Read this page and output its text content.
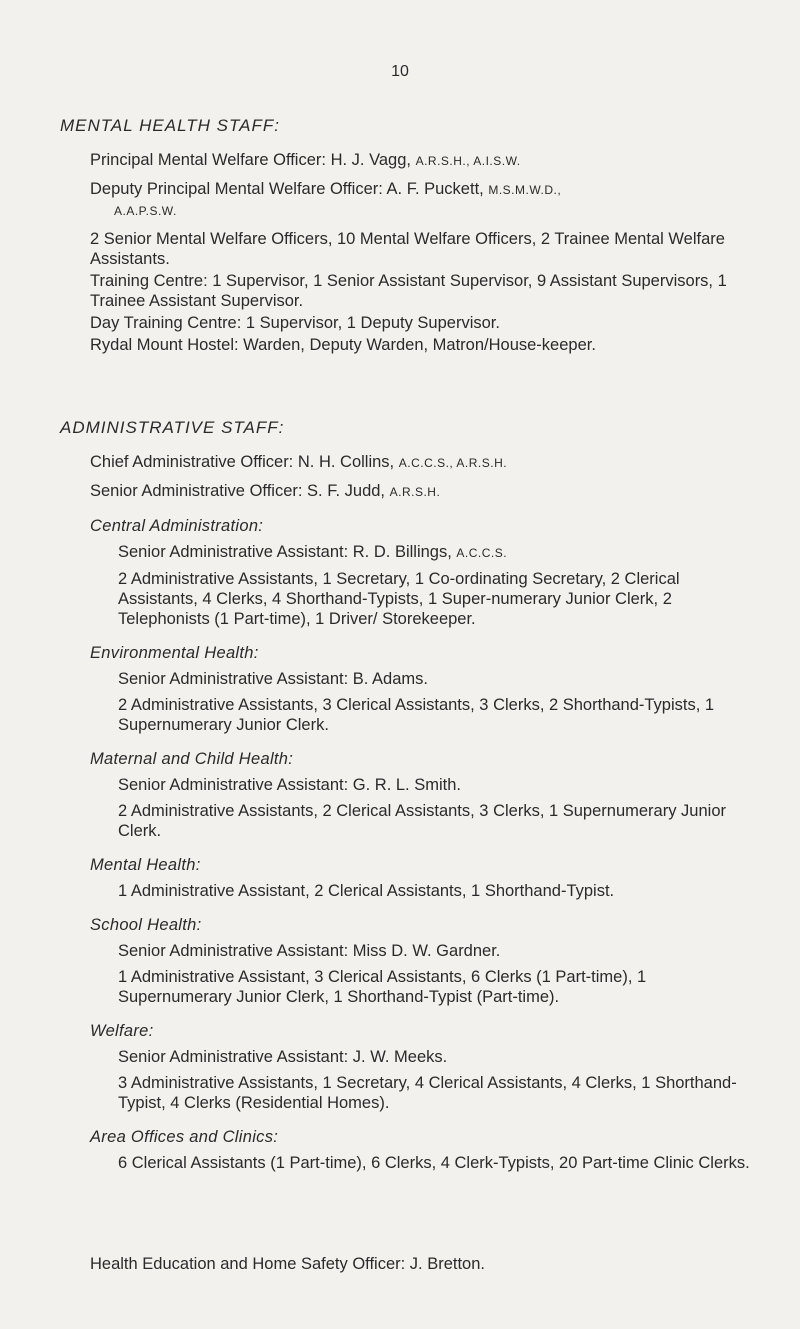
10
MENTAL HEALTH STAFF:
Principal Mental Welfare Officer: H. J. Vagg, A.R.S.H., A.I.S.W.
Deputy Principal Mental Welfare Officer: A. F. Puckett, M.S.M.W.D.,
A.A.P.S.W.
2 Senior Mental Welfare Officers, 10 Mental Welfare Officers, 2 Trainee Mental Welfare Assistants.
Training Centre: 1 Supervisor, 1 Senior Assistant Supervisor, 9 Assistant Supervisors, 1 Trainee Assistant Supervisor.
Day Training Centre: 1 Supervisor, 1 Deputy Supervisor.
Rydal Mount Hostel: Warden, Deputy Warden, Matron/House-keeper.
ADMINISTRATIVE STAFF:
Chief Administrative Officer: N. H. Collins, A.C.C.S., A.R.S.H.
Senior Administrative Officer: S. F. Judd, A.R.S.H.
Central Administration:
Senior Administrative Assistant: R. D. Billings, A.C.C.S.
2 Administrative Assistants, 1 Secretary, 1 Co-ordinating Secretary, 2 Clerical Assistants, 4 Clerks, 4 Shorthand-Typists, 1 Super-numerary Junior Clerk, 2 Telephonists (1 Part-time), 1 Driver/ Storekeeper.
Environmental Health:
Senior Administrative Assistant: B. Adams.
2 Administrative Assistants, 3 Clerical Assistants, 3 Clerks, 2 Shorthand-Typists, 1 Supernumerary Junior Clerk.
Maternal and Child Health:
Senior Administrative Assistant: G. R. L. Smith.
2 Administrative Assistants, 2 Clerical Assistants, 3 Clerks, 1 Supernumerary Junior Clerk.
Mental Health:
1 Administrative Assistant, 2 Clerical Assistants, 1 Shorthand-Typist.
School Health:
Senior Administrative Assistant: Miss D. W. Gardner.
1 Administrative Assistant, 3 Clerical Assistants, 6 Clerks (1 Part-time), 1 Supernumerary Junior Clerk, 1 Shorthand-Typist (Part-time).
Welfare:
Senior Administrative Assistant: J. W. Meeks.
3 Administrative Assistants, 1 Secretary, 4 Clerical Assistants, 4 Clerks, 1 Shorthand-Typist, 4 Clerks (Residential Homes).
Area Offices and Clinics:
6 Clerical Assistants (1 Part-time), 6 Clerks, 4 Clerk-Typists, 20 Part-time Clinic Clerks.
Health Education and Home Safety Officer: J. Bretton.
